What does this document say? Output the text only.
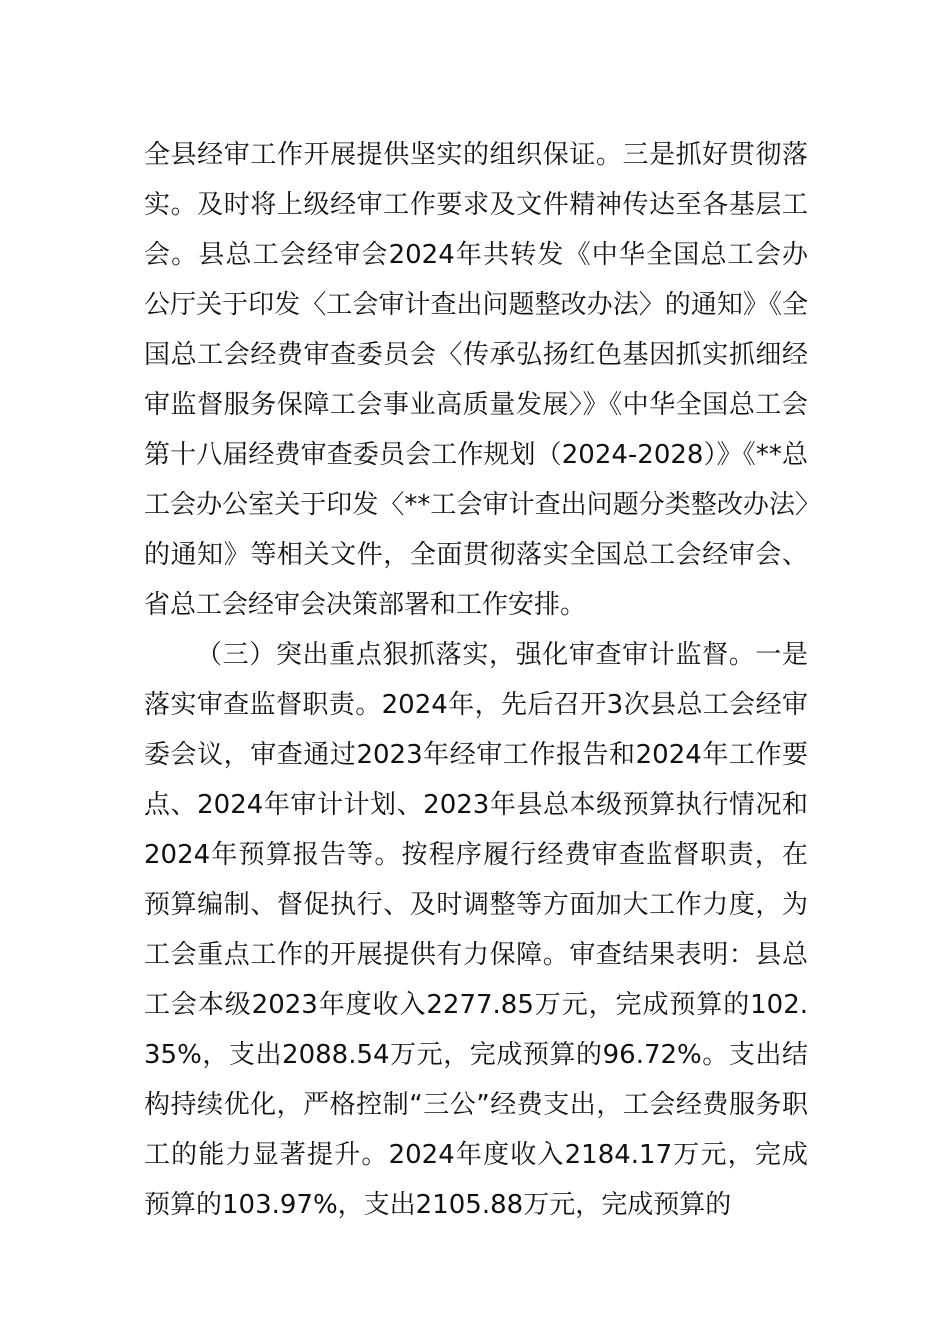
全县经审工作开展提供坚实的组织保证。三是抓好贯彻落实。及时将上级经审工作要求及文件精神传达至各基层工会。县总工会经审会2024年共转发《中华全国总工会办公厅关于印发〈工会审计查出问题整改办法〉的通知》《全国总工会经费审查委员会〈传承弘扬红色基因抓实抓细经审监督服务保障工会事业高质量发展〉》《中华全国总工会第十八届经费审查委员会工作规划（2024-2028）》《**总工会办公室关于印发〈**工会审计查出问题分类整改办法〉的通知》等相关文件，全面贯彻落实全国总工会经审会、省总工会经审会决策部署和工作安排。

（三）突出重点狠抓落实，强化审查审计监督。一是落实审查监督职责。2024年，先后召开3次县总工会经审委会议，审查通过2023年经审工作报告和2024年工作要点、2024年审计计划、2023年县总本级预算执行情况和2024年预算报告等。按程序履行经费审查监督职责，在预算编制、督促执行、及时调整等方面加大工作力度，为工会重点工作的开展提供有力保障。审查结果表明：县总工会本级2023年度收入2277.85万元，完成预算的102.35%，支出2088.54万元，完成预算的96.72%。支出结构持续优化，严格控制“三公”经费支出，工会经费服务职工的能力显著提升。2024年度收入2184.17万元，完成预算的103.97%，支出2105.88万元，完成预算的
